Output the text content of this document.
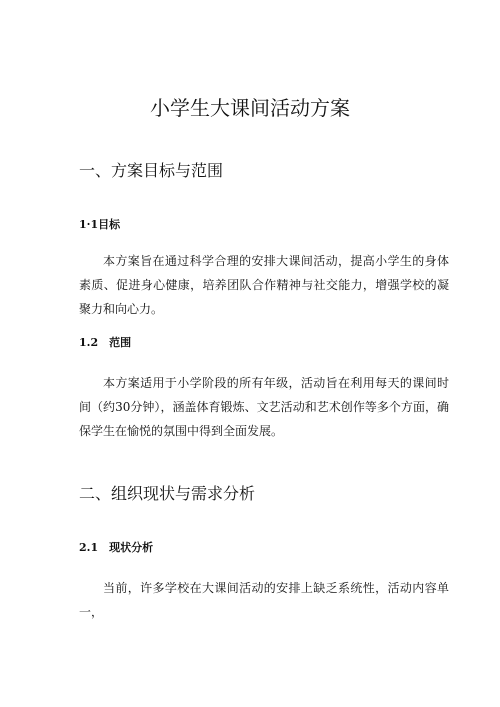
小学生大课间活动方案
一、方案目标与范围
1·1目标

本方案旨在通过科学合理的安排大课间活动，提高小学生的身体素质、促进身心健康，培养团队合作精神与社交能力，增强学校的凝聚力和向心力。

1.2　范围

本方案适用于小学阶段的所有年级，活动旨在利用每天的课间时间（约30分钟），涵盖体育锻炼、文艺活动和艺术创作等多个方面，确保学生在愉悦的氛围中得到全面发展。

二、组织现状与需求分析
2.1　现状分析

当前，许多学校在大课间活动的安排上缺乏系统性，活动内容单一，
